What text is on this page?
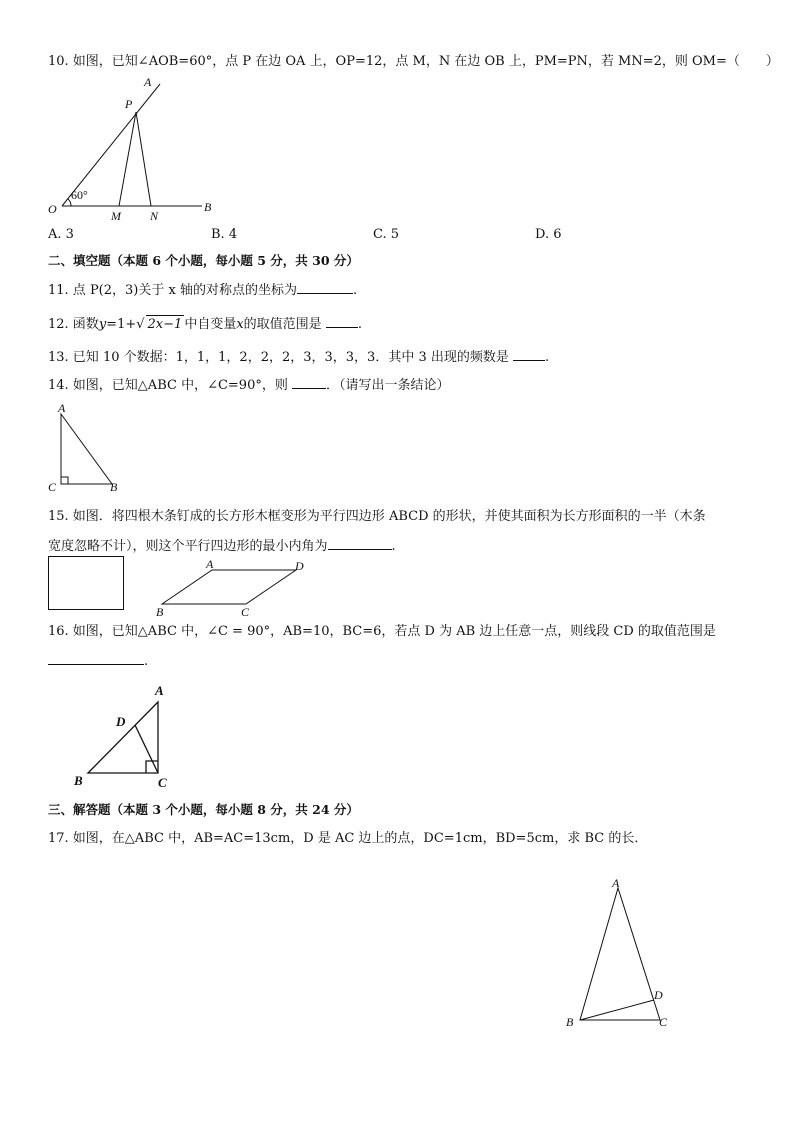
10. 如图，已知∠AOB=60°，点 P 在边 OA 上，OP=12，点 M，N 在边 OB 上，PM=PN，若 MN=2，则 OM=（　　）
A
P
O
60°
M N
B
A. 3	B. 4	C. 5	D. 6
二、填空题（本题 6 个小题，每小题 5 分，共 30 分）
11. 点 P(2，3)关于 x 轴的对称点的坐标为	.
12. 函数y=1+√ 2x−1 中自变量x的取值范围是	.
13. 已知 10 个数据：1，1，1，2，2，2，3，3，3，3．其中 3 出现的频数是	.
14. 如图，已知△ABC 中，∠C=90°，则	．（请写出一条结论）
A
C	B
15. 如图．将四根木条钉成的长方形木框变形为平行四边形 ABCD 的形状，并使其面积为长方形面积的一半（木条
宽度忽略不计），则这个平行四边形的最小内角为	.
A	D
B	C
16. 如图，已知△ABC 中，∠C = 90°，AB=10，BC=6，若点 D 为 AB 边上任意一点，则线段 CD 的取值范围是
.
A
D
B	C
三、解答题（本题 3 个小题，每小题 8 分，共 24 分）
17. 如图，在△ABC 中，AB=AC=13cm，D 是 AC 边上的点，DC=1cm，BD=5cm，求 BC 的长．
A
D
B	C
